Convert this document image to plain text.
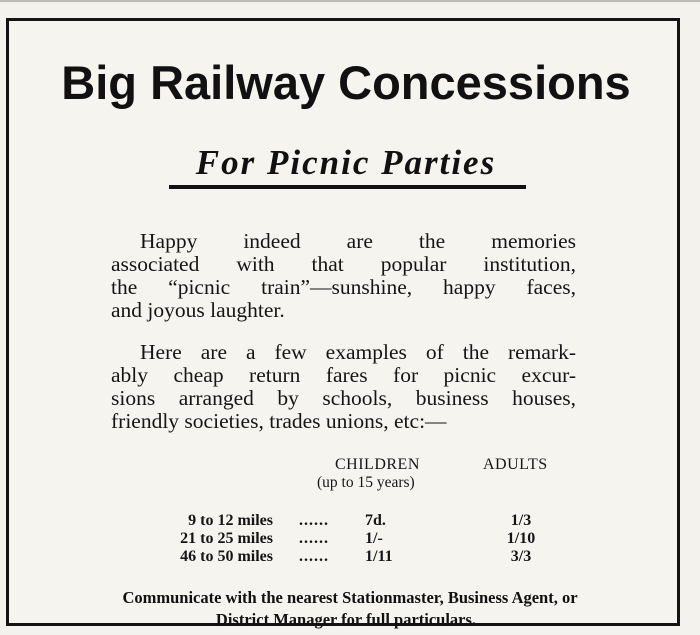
Big Railway Concessions
For Picnic Parties
Happy indeed are the memories
associated with that popular institution,
the “picnic train”—sunshine, happy faces,
and joyous laughter.
Here are a few examples of the remark-
ably cheap return fares for picnic excur-
sions arranged by schools, business houses,
friendly societies, trades unions, etc:—
CHILDREN
(up to 15 years)
ADULTS
9 to 12 miles ...... 7d.	1/3
21 to 25 miles ...... 1/-	1/10
46 to 50 miles ...... 1/11	3/3
Communicate with the nearest Stationmaster, Business Agent, or
District Manager for full particulars.
